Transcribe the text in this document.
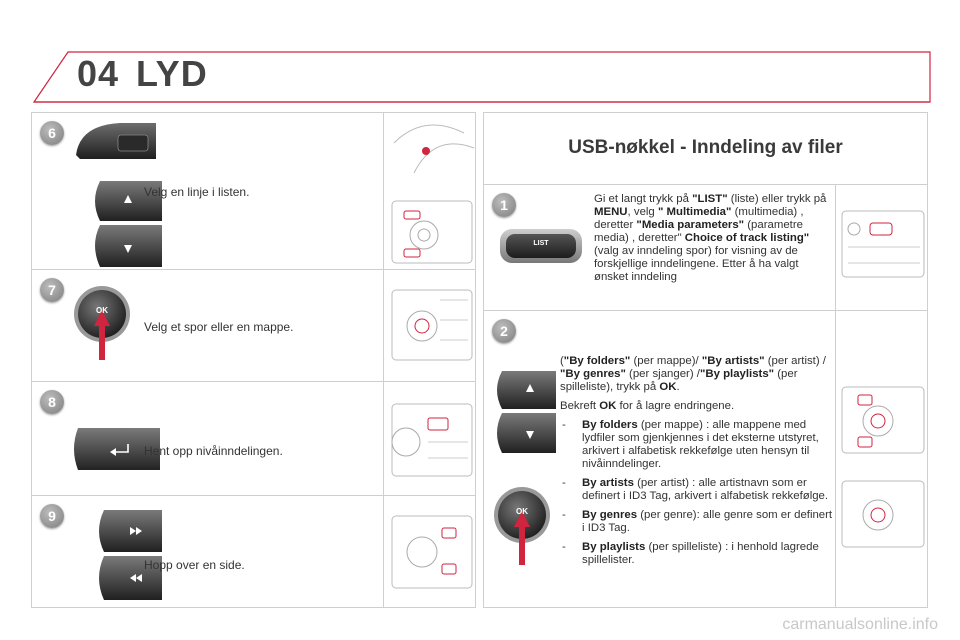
04 LYD
6
Velg en linje i listen.
7
OK
Velg et spor eller en mappe.
8
Hent opp nivåinndelingen.
9
Hopp over en side.
USB-nøkkel - Inndeling av filer
1
LIST
Gi et langt trykk på "LIST" (liste) eller trykk på MENU, velg " Multimedia" (multimedia) , deretter "Media parameters" (parametre media) , deretter" Choice of track listing" (valg av inndeling spor) for visning av de forskjellige inndelingene. Etter å ha valgt ønsket inndeling
2
OK

("By folders" (per mappe)/ "By artists" (per artist) / "By genres" (per sjanger) /"By playlists" (per spilleliste), trykk på OK.

Bekreft OK for å lagre endringene.

- By folders (per mappe) : alle mappene med lydfiler som gjenkjennes i det eksterne utstyret, arkivert i alfabetisk rekkefølge uten hensyn til nivåinndelinger.
- By artists (per artist) : alle artistnavn som er definert i ID3 Tag, arkivert i alfabetisk rekkefølge.
- By genres (per genre): alle genre som er definert i ID3 Tag.
- By playlists (per spilleliste) : i henhold lagrede spillelister.
carmanualsonline.info
